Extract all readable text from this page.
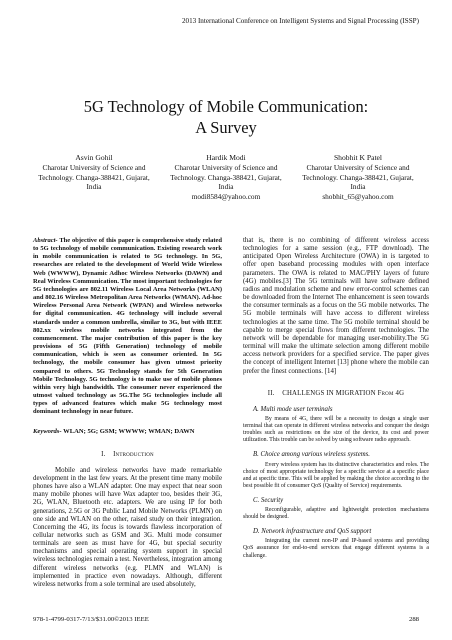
2013 International Conference on Intelligent Systems and Signal Processing (ISSP)
5G Technology of Mobile Communication:
A Survey
Asvin Gohil
Charotar University of Science and
Technology. Changa-388421, Gujarat,
India
Hardik Modi
Charotar University of Science and
Technology. Changa-388421, Gujarat,
India
modi8584@yahoo.com
Shobhit K Patel
Charotar University of Science and
Technology. Changa-388421, Gujarat,
India
shobhit_65@yahoo.com

Abstract- The objective of this paper is comprehensive study related to 5G technology of mobile communication. Existing research work in mobile communication is related to 5G technology. In 5G, researches are related to the development of World Wide Wireless Web (WWWW), Dynamic Adhoc Wireless Networks (DAWN) and Real Wireless Communication. The most important technologies for 5G technologies are 802.11 Wireless Local Area Networks (WLAN) and 802.16 Wireless Metropolitan Area Networks (WMAN). Ad-hoc Wireless Personal Area Network (WPAN) and Wireless networks for digital communication. 4G technology will include several standards under a common umbrella, similar to 3G, but with IEEE 802.xx wireless mobile networks integrated from the commencement. The major contribution of this paper is the key provisions of 5G (Fifth Generation) technology of mobile communication, which is seen as consumer oriented. In 5G technology, the mobile consumer has given utmost priority compared to others. 5G Technology stands for 5th Generation Mobile Technology. 5G technology is to make use of mobile phones within very high bandwidth. The consumer never experienced the utmost valued technology as 5G.The 5G technologies include all types of advanced features which make 5G technology most dominant technology in near future.

Keywords- WLAN; 5G; GSM; WWWW; WMAN; DAWN

I. Introduction

Mobile and wireless networks have made remarkable development in the last few years. At the present time many mobile phones have also a WLAN adapter. One may expect that near soon many mobile phones will have Wax adapter too, besides their 3G, 2G, WLAN, Bluetooth etc. adapters. We are using IP for both generations, 2.5G or 3G Public Land Mobile Networks (PLMN) on one side and WLAN on the other, raised study on their integration. Concerning the 4G, its focus is towards flawless incorporation of cellular networks such as GSM and 3G. Multi mode consumer terminals are seen as must have for 4G, but special security mechanisms and special operating system support in special wireless technologies remain a test. Nevertheless, integration among different wireless networks (e.g. PLMN and WLAN) is implemented in practice even nowadays. Although, different wireless networks from a sole terminal are used absolutely,

that is, there is no combining of different wireless access technologies for a same session (e.g., FTP download). The anticipated Open Wireless Architecture (OWA) in is targeted to offer open baseband processing modules with open interface parameters. The OWA is related to MAC/PHY layers of future (4G) mobiles.[3] The 5G terminals will have software defined radios and modulation scheme and new error-control schemes can be downloaded from the Internet The enhancement is seen towards the consumer terminals as a focus on the 5G mobile networks. The 5G mobile terminals will have access to different wireless technologies at the same time. The 5G mobile terminal should be capable to merge special flows from different technologies. The network will be dependable for managing user-mobility.The 5G terminal will make the ultimate selection among different mobile access network providers for a specified service. The paper gives the concept of intelligent Internet [13] phone where the mobile can prefer the finest connections. [14]

II. CHALLENGS IN MIGRATION From 4G
A. Multi mode user terminals

By means of 4G, there will be a necessity to design a single user terminal that can operate in different wireless networks and conquer the design troubles such as restrictions on the size of the device, its cost and power utilization. This trouble can be solved by using software radio approach.

B. Choice among various wireless systems.

Every wireless system has its distinctive characteristics and roles. The choice of most appropriate technology for a specific service at a specific place and at specific time. This will be applied by making the choice according to the best possible fit of consumer QoS (Quality of Service) requirements.

C. Security

Reconfigurable, adaptive and lightweight protection mechanisms should be designed.

D. Network infrastructure and QoS support

Integrating the current non-IP and IP-based systems and providing QoS assurance for end-to-end services that engage different systems is a challenge.

978-1-4799-0317-7/13/$31.00©2013 IEEE	288
